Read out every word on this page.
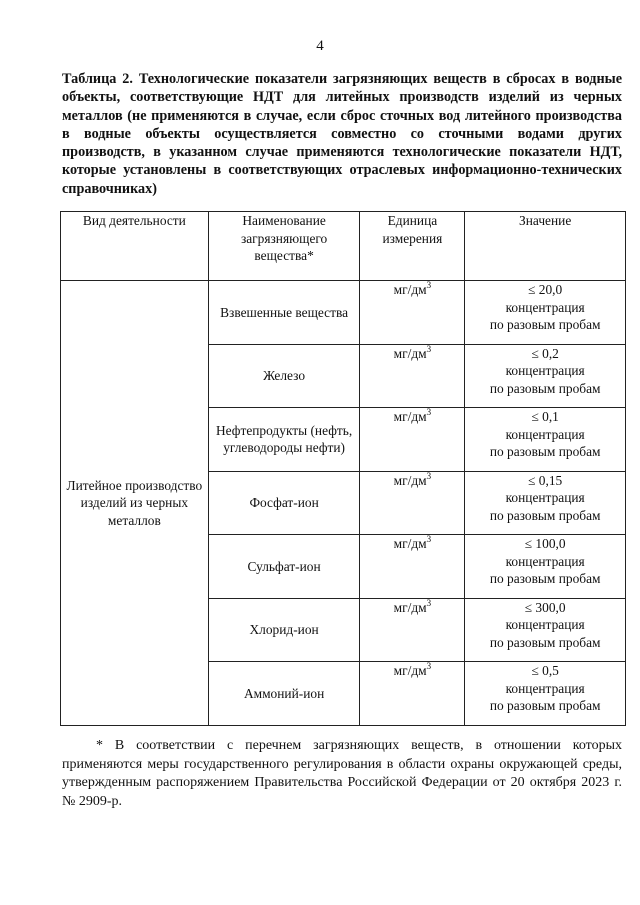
4

Таблица 2. Технологические показатели загрязняющих веществ в сбросах в водные объекты, соответствующие НДТ для литейных производств изделий из черных металлов (не применяются в случае, если сброс сточных вод литейного производства в водные объекты осуществляется совместно со сточными водами других производств, в указанном случае применяются технологические показатели НДТ, которые установлены в соответствующих отраслевых информационно-технических справочниках)

Вид деятельности	Наименование загрязняющего вещества*	Единица измерения	Значение
Литейное производство изделий из черных металлов	Взвешенные вещества	$мг/дм^3$	≤ 20,0
концентрация
по разовым пробам

	Железо	$мг/дм^3$	≤ 0,2
концентрация
по разовым пробам

	Нефтепродукты (нефть, углеводороды нефти)	$мг/дм^3$	≤ 0,1
концентрация
по разовым пробам

	Фосфат-ион	$мг/дм^3$	≤ 0,15
концентрация
по разовым пробам

	Сульфат-ион	$мг/дм^3$	≤ 100,0
концентрация
по разовым пробам

	Хлорид-ион	$мг/дм^3$	≤ 300,0
концентрация
по разовым пробам

	Аммоний-ион	$мг/дм^3$	≤ 0,5
концентрация
по разовым пробам

* В соответствии с перечнем загрязняющих веществ, в отношении которых применяются меры государственного регулирования в области охраны окружающей среды, утвержденным распоряжением Правительства Российской Федерации от 20 октября 2023 г. № 2909-р.
